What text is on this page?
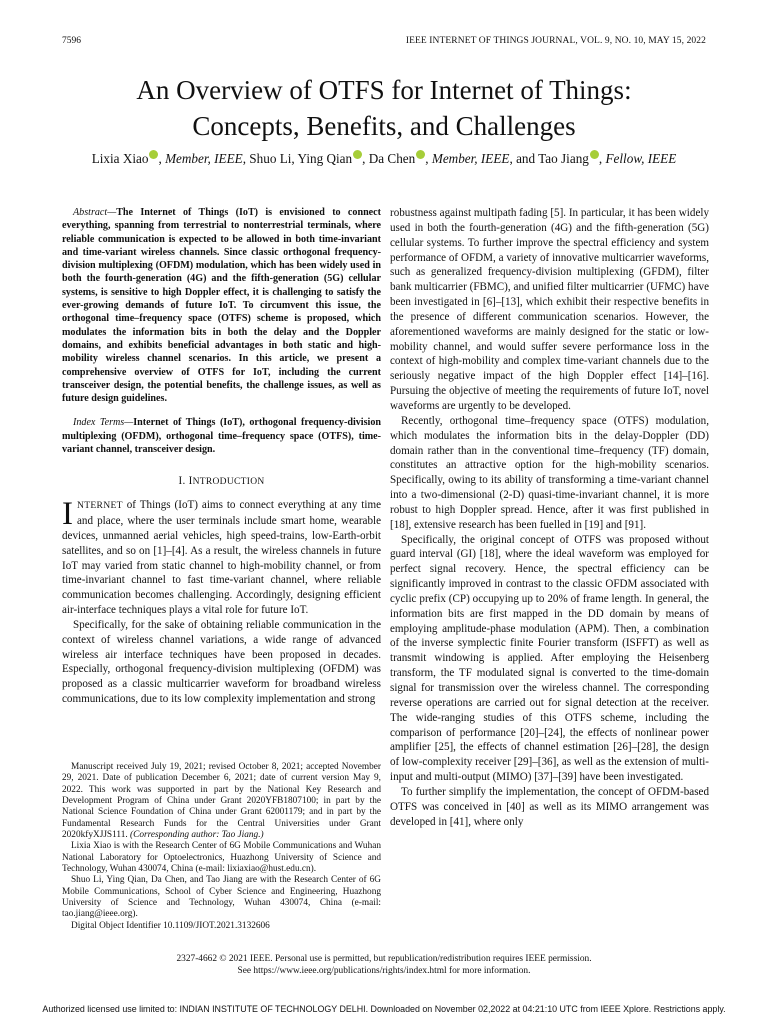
7596	IEEE INTERNET OF THINGS JOURNAL, VOL. 9, NO. 10, MAY 15, 2022
An Overview of OTFS for Internet of Things:
Concepts, Benefits, and Challenges
Lixia Xiao , Member, IEEE, Shuo Li, Ying Qian , Da Chen , Member, IEEE, and Tao Jiang , Fellow, IEEE

Abstract—The Internet of Things (IoT) is envisioned to connect everything, spanning from terrestrial to nonterrestrial terminals, where reliable communication is expected to be allowed in both time-invariant and time-variant wireless channels. Since classic orthogonal frequency-division multiplexing (OFDM) modulation, which has been widely used in both the fourth-generation (4G) and the fifth-generation (5G) cellular systems, is sensitive to high Doppler effect, it is challenging to satisfy the ever-growing demands of future IoT. To circumvent this issue, the orthogonal time–frequency space (OTFS) scheme is proposed, which modulates the information bits in both the delay and the Doppler domains, and exhibits beneficial advantages in both static and high-mobility wireless channel scenarios. In this article, we present a comprehensive overview of OTFS for IoT, including the current transceiver design, the potential benefits, the challenge issues, as well as future design guidelines.

Index Terms—Internet of Things (IoT), orthogonal frequency-division multiplexing (OFDM), orthogonal time–frequency space (OTFS), time-variant channel, transceiver design.

I. INTRODUCTION

INTERNET of Things (IoT) aims to connect everything at any time and place, where the user terminals include smart home, wearable devices, unmanned aerial vehicles, high speed-trains, low-Earth-orbit satellites, and so on [1]–[4]. As a result, the wireless channels in future IoT may varied from static channel to high-mobility channel, or from time-invariant channel to fast time-variant channel, where reliable communication becomes challenging. Accordingly, designing efficient air-interface techniques plays a vital role for future IoT.

Specifically, for the sake of obtaining reliable communication in the context of wireless channel variations, a wide range of advanced wireless air interface techniques have been proposed in decades. Especially, orthogonal frequency-division multiplexing (OFDM) was proposed as a classic multicarrier waveform for broadband wireless communications, due to its low complexity implementation and strong

Manuscript received July 19, 2021; revised October 8, 2021; accepted November 29, 2021. Date of publication December 6, 2021; date of current version May 9, 2022. This work was supported in part by the National Key Research and Development Program of China under Grant 2020YFB1807100; in part by the National Science Foundation of China under Grant 62001179; and in part by the Fundamental Research Funds for the Central Universities under Grant 2020kfyXJJS111. (Corresponding author: Tao Jiang.)

Lixia Xiao is with the Research Center of 6G Mobile Communications and Wuhan National Laboratory for Optoelectronics, Huazhong University of Science and Technology, Wuhan 430074, China (e-mail: lixiaxiao@hust.edu.cn).

Shuo Li, Ying Qian, Da Chen, and Tao Jiang are with the Research Center of 6G Mobile Communications, School of Cyber Science and Engineering, Huazhong University of Science and Technology, Wuhan 430074, China (e-mail: tao.jiang@ieee.org).

Digital Object Identifier 10.1109/JIOT.2021.3132606

robustness against multipath fading [5]. In particular, it has been widely used in both the fourth-generation (4G) and the fifth-generation (5G) cellular systems. To further improve the spectral efficiency and system performance of OFDM, a variety of innovative multicarrier waveforms, such as generalized frequency-division multiplexing (GFDM), filter bank multicarrier (FBMC), and unified filter multicarrier (UFMC) have been investigated in [6]–[13], which exhibit their respective benefits in the presence of different communication scenarios. However, the aforementioned waveforms are mainly designed for the static or low-mobility channel, and would suffer severe performance loss in the context of high-mobility and complex time-variant channels due to the seriously negative impact of the high Doppler effect [14]–[16]. Pursuing the objective of meeting the requirements of future IoT, novel waveforms are urgently to be developed.

Recently, orthogonal time–frequency space (OTFS) modulation, which modulates the information bits in the delay-Doppler (DD) domain rather than in the conventional time–frequency (TF) domain, constitutes an attractive option for the high-mobility scenarios. Specifically, owing to its ability of transforming a time-variant channel into a two-dimensional (2-D) quasi-time-invariant channel, it is more robust to high Doppler spread. Hence, after it was first published in [18], extensive research has been fuelled in [19] and [91].

Specifically, the original concept of OTFS was proposed without guard interval (GI) [18], where the ideal waveform was employed for perfect signal recovery. Hence, the spectral efficiency can be significantly improved in contrast to the classic OFDM associated with cyclic prefix (CP) occupying up to 20% of frame length. In general, the information bits are first mapped in the DD domain by means of employing amplitude-phase modulation (APM). Then, a combination of the inverse symplectic finite Fourier transform (ISFFT) as well as transmit windowing is applied. After employing the Heisenberg transform, the TF modulated signal is converted to the time-domain signal for transmission over the wireless channel. The corresponding reverse operations are carried out for signal detection at the receiver. The wide-ranging studies of this OTFS scheme, including the comparison of performance [20]–[24], the effects of nonlinear power amplifier [25], the effects of channel estimation [26]–[28], the design of low-complexity receiver [29]–[36], as well as the extension of multi-input and multi-output (MIMO) [37]–[39] have been investigated.

To further simplify the implementation, the concept of OFDM-based OTFS was conceived in [40] as well as its MIMO arrangement was developed in [41], where only

2327-4662 © 2021 IEEE. Personal use is permitted, but republication/redistribution requires IEEE permission.
See https://www.ieee.org/publications/rights/index.html for more information.
Authorized licensed use limited to: INDIAN INSTITUTE OF TECHNOLOGY DELHI. Downloaded on November 02,2022 at 04:21:10 UTC from IEEE Xplore. Restrictions apply.
